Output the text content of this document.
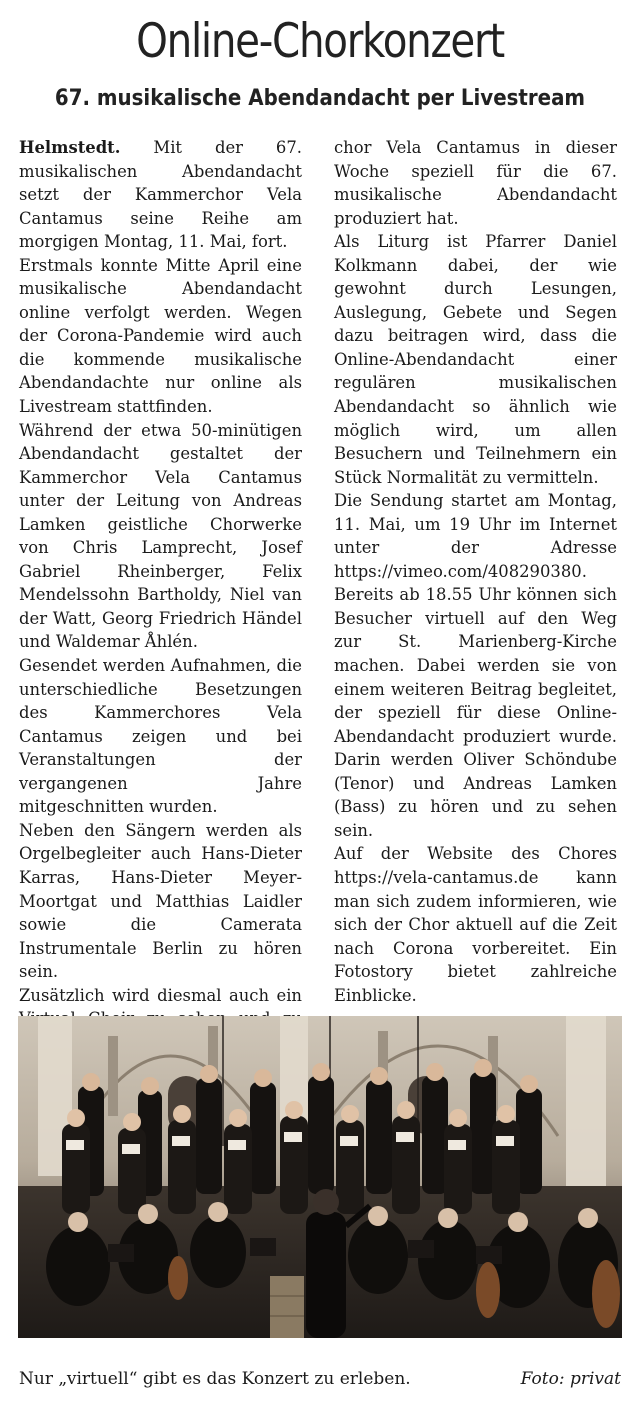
Online-Chorkonzert
67. musikalische Abendandacht per Livestream

Helmstedt. Mit der 67. musikalischen Abendandacht setzt der Kammerchor Vela Cantamus seine Reihe am morgigen Montag, 11. Mai, fort.

Erstmals konnte Mitte April eine musikalische Abendandacht online verfolgt werden. Wegen der Corona-Pandemie wird auch die kommende musikalische Abendandachte nur online als Livestream stattfinden.

Während der etwa 50-minütigen Abendandacht gestaltet der Kammerchor Vela Cantamus unter der Leitung von Andreas Lamken geistliche Chorwerke von Chris Lamprecht, Josef Gabriel Rheinberger, Felix Mendelssohn Bartholdy, Niel van der Watt, Georg Friedrich Händel und Waldemar Åhlén.

Gesendet werden Aufnahmen, die unterschiedliche Besetzungen des Kammerchores Vela Cantamus zeigen und bei Veranstaltungen der vergangenen Jahre mitgeschnitten wurden.

Neben den Sängern werden als Orgelbegleiter auch Hans-Dieter Karras, Hans-Dieter Meyer-Moortgat und Matthias Laidler sowie die Camerata Instrumentale Berlin zu hören sein.

Zusätzlich wird diesmal auch ein

chor Vela Cantamus in dieser Woche speziell für die 67. musikalische Abendandacht produziert hat.

Als Liturg ist Pfarrer Daniel Kolkmann dabei, der wie gewohnt durch Lesungen, Auslegung, Gebete und Segen dazu beitragen wird, dass die Online-Abendandacht einer regulären musikalischen Abendandacht so ähnlich wie möglich wird, um allen Besuchern und Teilnehmern ein Stück Normalität zu vermitteln.

Die Sendung startet am Montag, 11. Mai, um 19 Uhr im Internet unter der Adresse https://vimeo.com/408290380.

Bereits ab 18.55 Uhr können sich Besucher virtuell auf den Weg zur St. Marienberg-Kirche machen. Dabei werden sie von einem weiteren Beitrag begleitet, der speziell für diese Online-Abendandacht produziert wurde. Darin werden Oliver Schöndube (Tenor) und Andreas Lamken (Bass) zu hören und zu sehen sein.

Auf der Website des Chores https://vela-cantamus.de kann man sich zudem informieren, wie sich der Chor aktuell auf die Zeit nach Corona vorbereitet. Ein Fotostory bietet zahlreiche Einblicke.

Nur „virtuell“ gibt es das Konzert zu erleben.	Foto: privat
